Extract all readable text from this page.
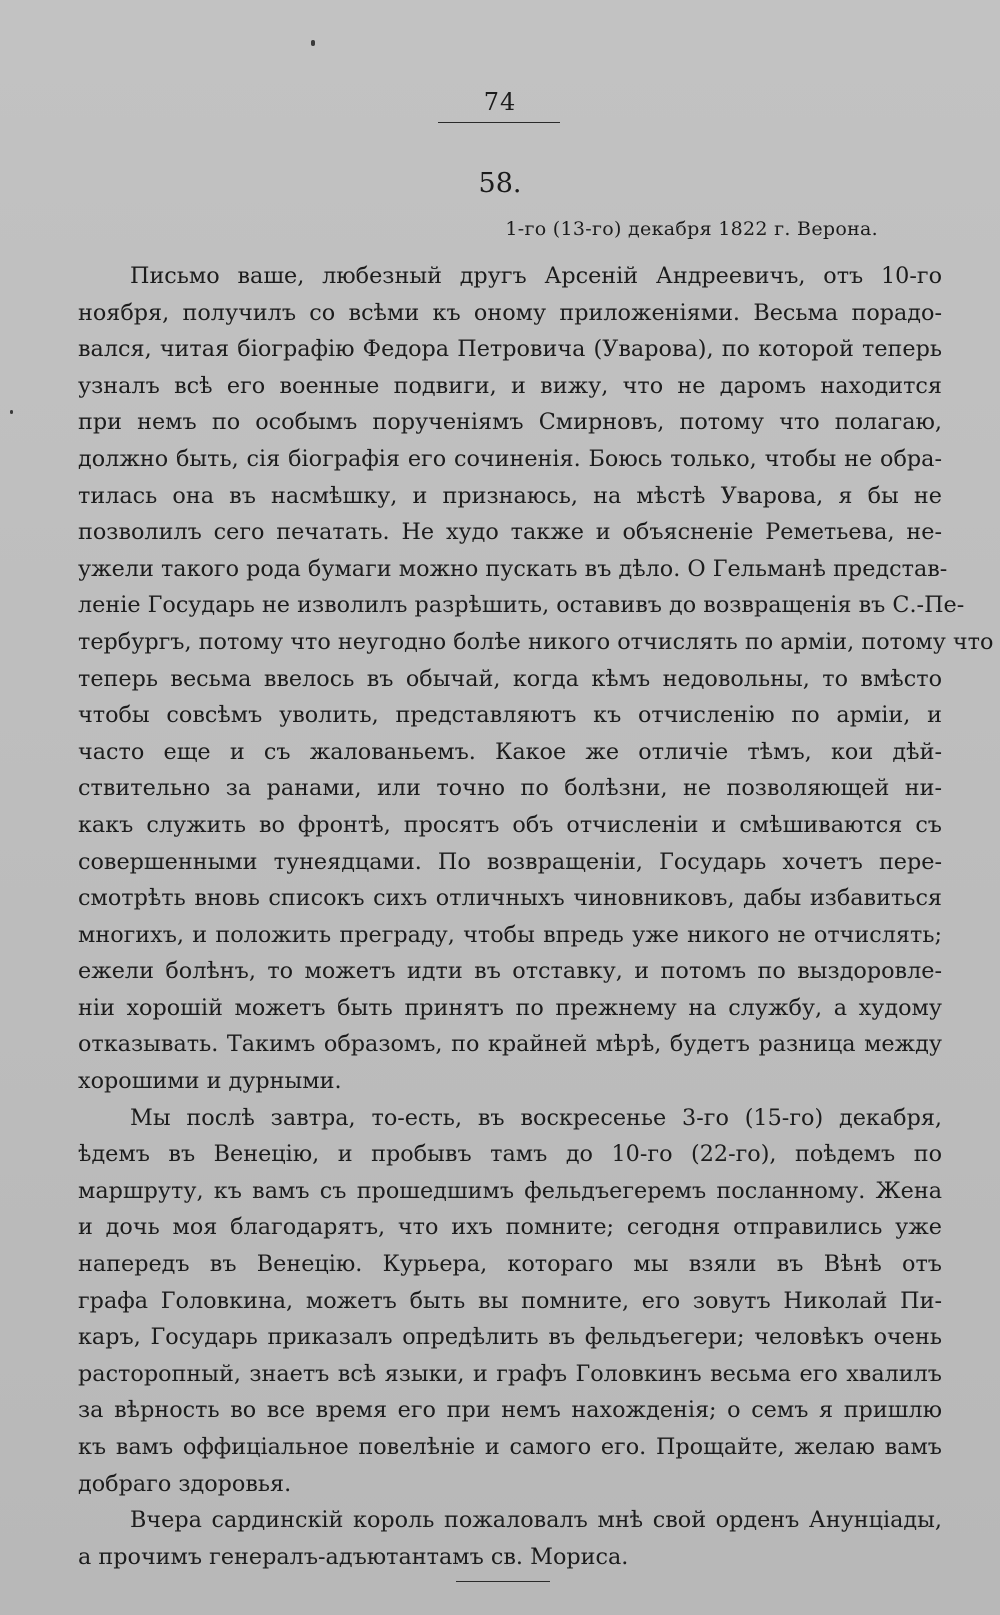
74
58.
1-го (13-го) декабря 1822 г. Верона.
Письмо ваше, любезный другъ Арсеній Андреевичъ, отъ 10-го
ноября, получилъ со всѣми къ оному приложеніями. Весьма порадо-
вался, читая біографію Федора Петровича (Уварова), по которой теперь
узналъ всѣ его военные подвиги, и вижу, что не даромъ находится
при немъ по особымъ порученіямъ Смирновъ, потому что полагаю,
должно быть, сія біографія его сочиненія. Боюсь только, чтобы не обра-
тилась она въ насмѣшку, и признаюсь, на мѣстѣ Уварова, я бы не
позволилъ сего печатать. Не худо также и объясненіе Реметьева, не-
ужели такого рода бумаги можно пускать въ дѣло. О Гельманѣ представ-
леніе Государь не изволилъ разрѣшить, оставивъ до возвращенія въ С.-Пе-
тербургъ, потому что неугодно болѣе никого отчислять по арміи, потому что
теперь весьма ввелось въ обычай, когда кѣмъ недовольны, то вмѣсто
чтобы совсѣмъ уволить, представляютъ къ отчисленію по арміи, и
часто еще и съ жалованьемъ. Какое же отличіе тѣмъ, кои дѣй-
ствительно за ранами, или точно по болѣзни, не позволяющей ни-
какъ служить во фронтѣ, просятъ объ отчисленіи и смѣшиваются съ
совершенными тунеядцами. По возвращеніи, Государь хочетъ пере-
смотрѣть вновь списокъ сихъ отличныхъ чиновниковъ, дабы избавиться
многихъ, и положить преграду, чтобы впредь уже никого не отчислять;
ежели болѣнъ, то можетъ идти въ отставку, и потомъ по выздоровле-
ніи хорошій можетъ быть принятъ по прежнему на службу, а худому
отказывать. Такимъ образомъ, по крайней мѣрѣ, будетъ разница между
хорошими и дурными.
Мы послѣ завтра, то-есть, въ воскресенье 3-го (15-го) декабря,
ѣдемъ въ Венецію, и пробывъ тамъ до 10-го (22-го), поѣдемъ по
маршруту, къ вамъ съ прошедшимъ фельдъегеремъ посланному. Жена
и дочь моя благодарятъ, что ихъ помните; сегодня отправились уже
напередъ въ Венецію. Курьера, котораго мы взяли въ Вѣнѣ отъ
графа Головкина, можетъ быть вы помните, его зовутъ Николай Пи-
каръ, Государь приказалъ опредѣлить въ фельдъегери; человѣкъ очень
расторопный, знаетъ всѣ языки, и графъ Головкинъ весьма его хвалилъ
за вѣрность во все время его при немъ нахожденія; о семъ я пришлю
къ вамъ оффиціальное повелѣніе и самого его. Прощайте, желаю вамъ
добраго здоровья.
Вчера сардинскій король пожаловалъ мнѣ свой орденъ Анунціады,
а прочимъ генералъ-адъютантамъ св. Мориса.
